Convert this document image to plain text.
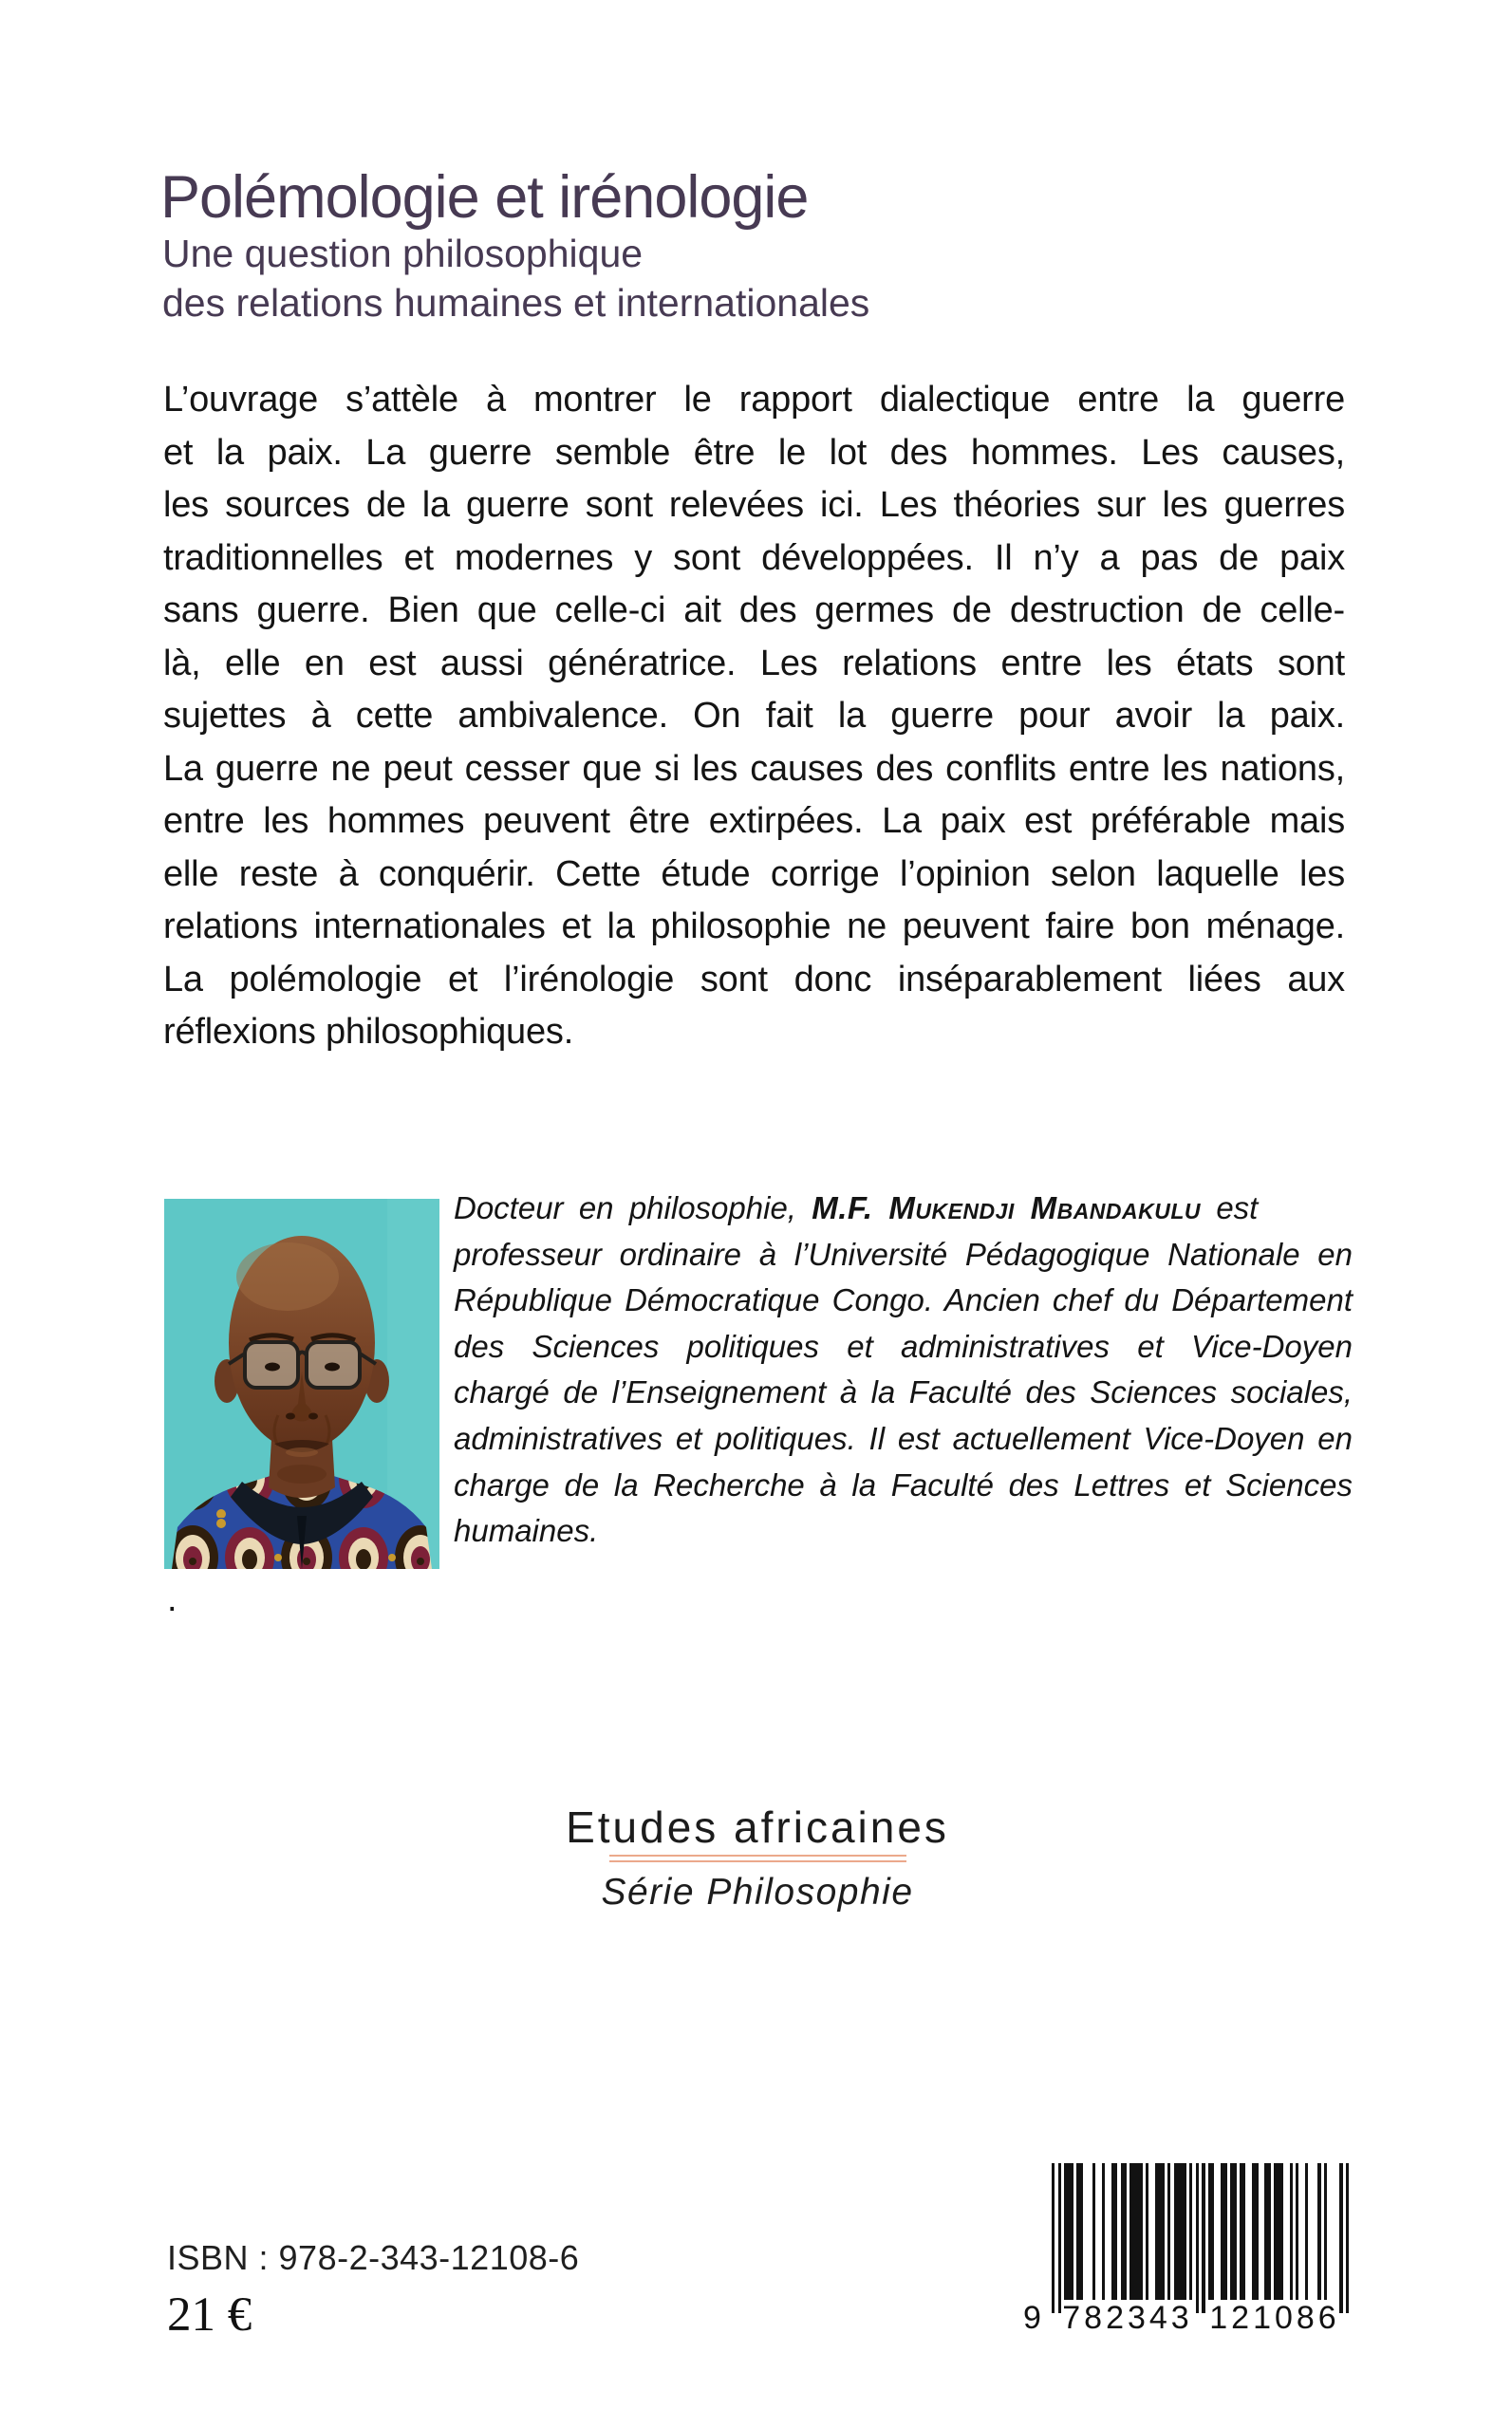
Polémologie et irénologie
Une question philosophique
des relations humaines et internationales
L’ouvrage s’attèle à montrer le rapport dialectique entre la guerre
et la paix. La guerre semble être le lot des hommes. Les causes,
les sources de la guerre sont relevées ici. Les théories sur les guerres
traditionnelles et modernes y sont développées. Il n’y a pas de paix
sans guerre. Bien que celle-ci ait des germes de destruction de celle-
là, elle en est aussi génératrice. Les relations entre les états sont
sujettes à cette ambivalence. On fait la guerre pour avoir la paix.
La guerre ne peut cesser que si les causes des conflits entre les nations,
entre les hommes peuvent être extirpées. La paix est préférable mais
elle reste à conquérir. Cette étude corrige l’opinion selon laquelle les
relations internationales et la philosophie ne peuvent faire bon ménage.
La polémologie et l’irénologie sont donc inséparablement liées aux
réflexions philosophiques.
Docteur en philosophie, M.F. Mukendji Mbandakulu est
professeur ordinaire à l’Université Pédagogique Nationale en
République Démocratique Congo. Ancien chef du Département
des Sciences politiques et administratives et Vice-Doyen
chargé de l’Enseignement à la Faculté des Sciences sociales,
administratives et politiques. Il est actuellement Vice-Doyen en
charge de la Recherche à la Faculté des Lettres et Sciences
humaines.
.
Etudes africaines
Série Philosophie
ISBN : 978-2-343-12108-6
21 €	9 782343 121086
